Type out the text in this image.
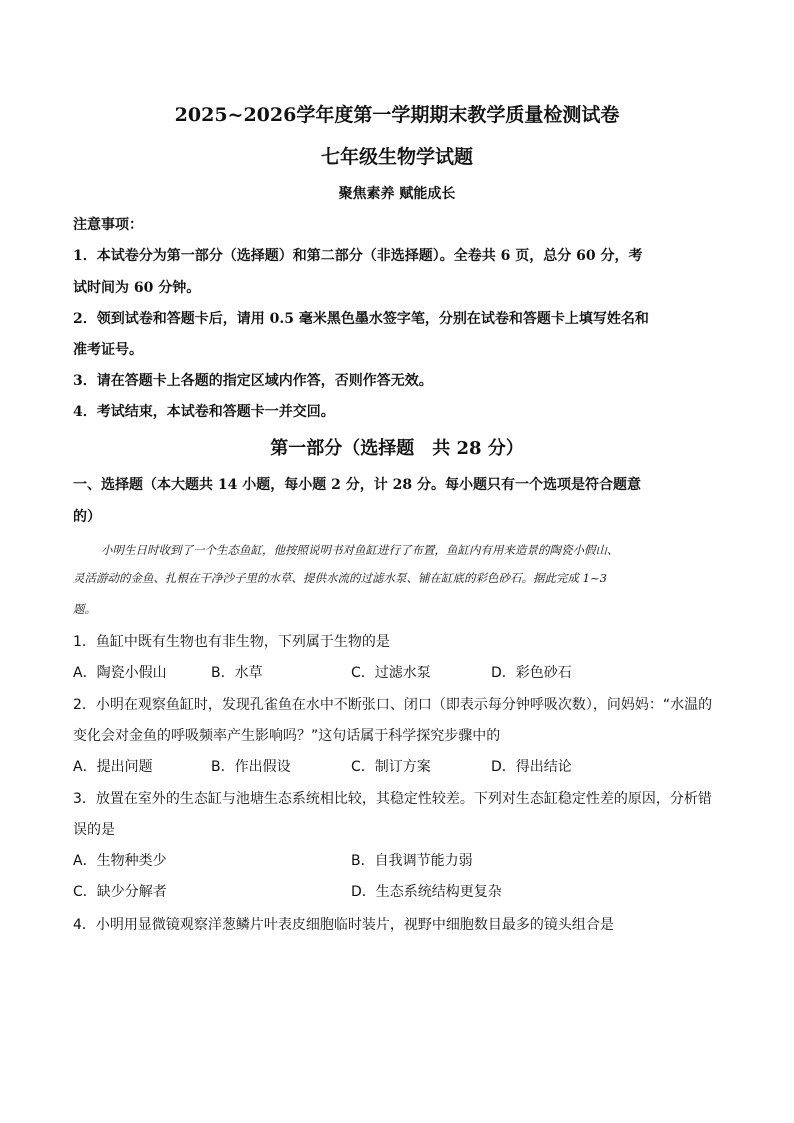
2025~2026学年度第一学期期末教学质量检测试卷
七年级生物学试题
聚焦素养 赋能成长
注意事项：
1．本试卷分为第一部分（选择题）和第二部分（非选择题）。全卷共 6 页，总分 60 分，考
试时间为 60 分钟。
2．领到试卷和答题卡后，请用 0.5 毫米黑色墨水签字笔，分别在试卷和答题卡上填写姓名和
准考证号。
3．请在答题卡上各题的指定区域内作答，否则作答无效。
4．考试结束，本试卷和答题卡一并交回。
第一部分（选择题　共 28 分）
一、选择题（本大题共 14 小题，每小题 2 分，计 28 分。每小题只有一个选项是符合题意
的）
小明生日时收到了一个生态鱼缸，他按照说明书对鱼缸进行了布置，鱼缸内有用来造景的陶瓷小假山、
灵活游动的金鱼、扎根在干净沙子里的水草、提供水流的过滤水泵、铺在缸底的彩色砂石。据此完成 1~3
题。
1．鱼缸中既有生物也有非生物，下列属于生物的是
A．陶瓷小假山	B．水草	C．过滤水泵	D．彩色砂石
2．小明在观察鱼缸时，发现孔雀鱼在水中不断张口、闭口（即表示每分钟呼吸次数），问妈妈：“水温的
变化会对金鱼的呼吸频率产生影响吗？”这句话属于科学探究步骤中的
A．提出问题	B．作出假设	C．制订方案	D．得出结论
3．放置在室外的生态缸与池塘生态系统相比较，其稳定性较差。下列对生态缸稳定性差的原因，分析错
误的是
A．生物种类少	B．自我调节能力弱
C．缺少分解者	D．生态系统结构更复杂
4．小明用显微镜观察洋葱鳞片叶表皮细胞临时装片，视野中细胞数目最多的镜头组合是
